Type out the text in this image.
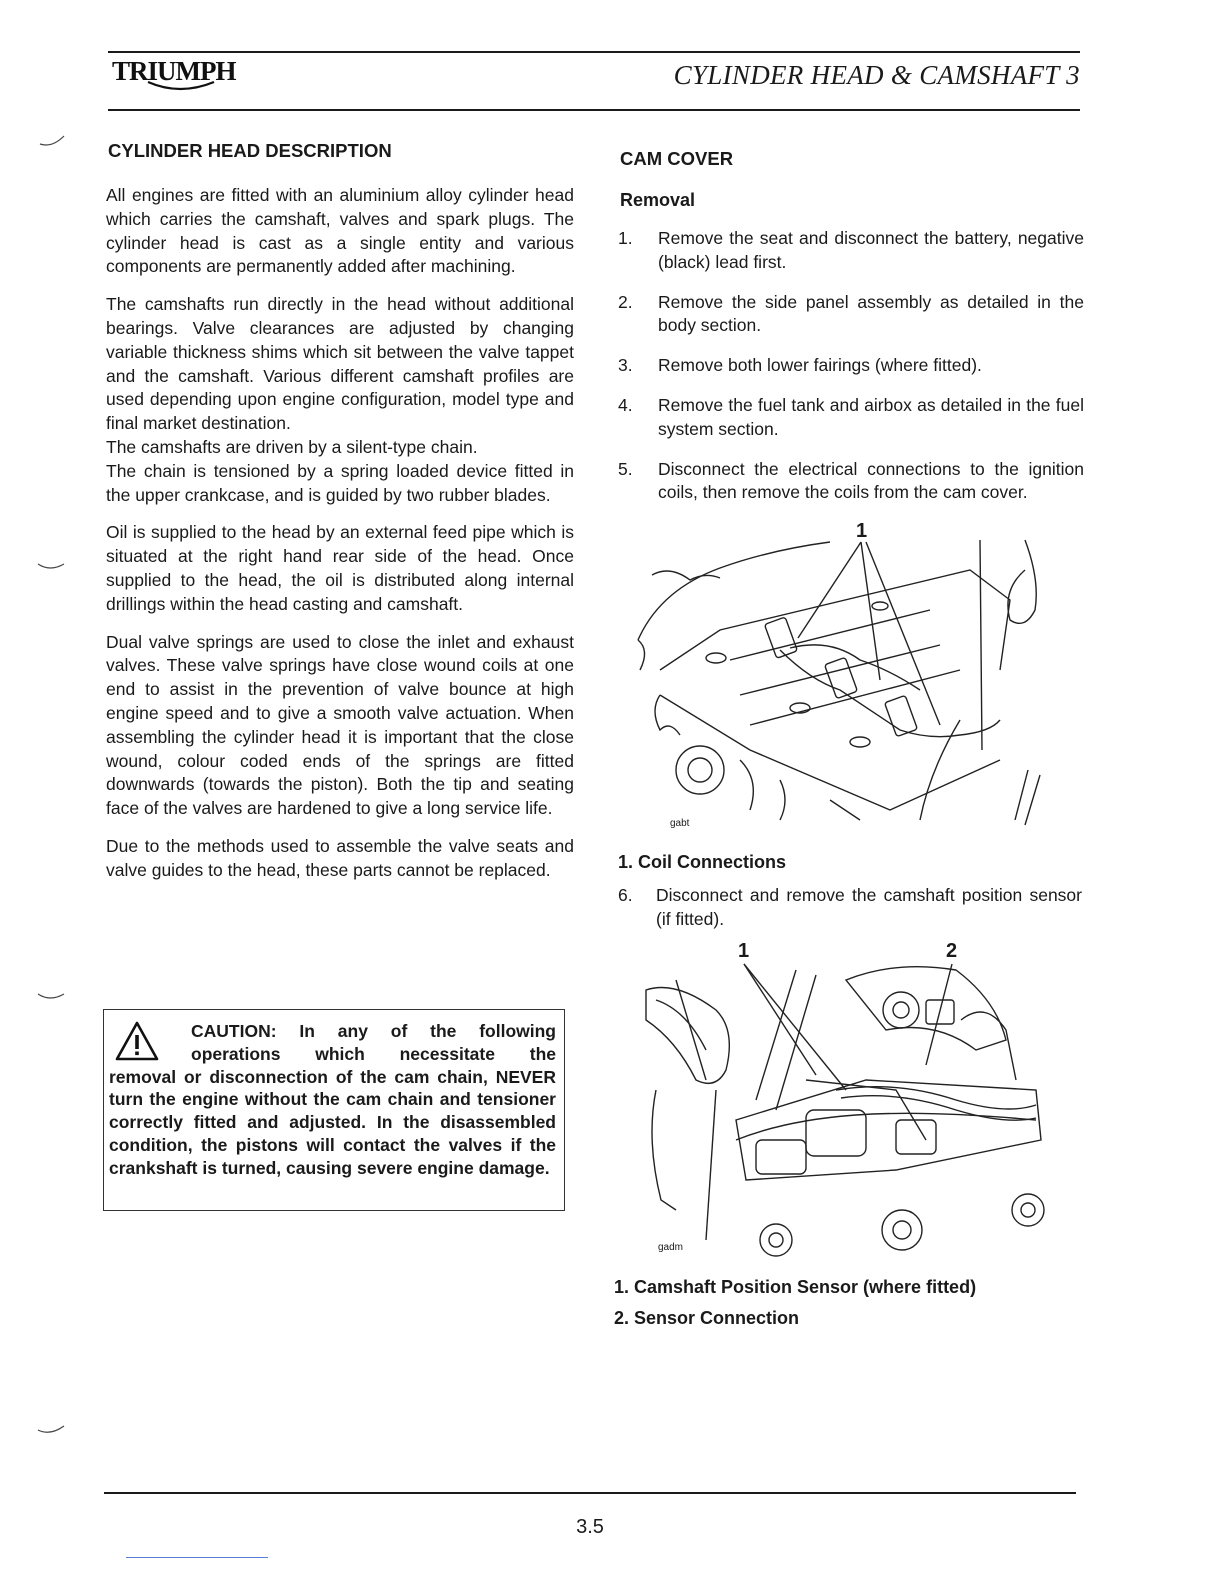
TRIUMPH	CYLINDER HEAD & CAMSHAFT 3
CYLINDER HEAD DESCRIPTION

All engines are fitted with an aluminium alloy cylinder head which carries the camshaft, valves and spark plugs. The cylinder head is cast as a single entity and various components are permanently added after machining.

The camshafts run directly in the head without additional bearings. Valve clearances are adjusted by changing variable thickness shims which sit between the valve tappet and the camshaft. Various different camshaft profiles are used depending upon engine configuration, model type and final market destination.

The camshafts are driven by a silent-type chain.

The chain is tensioned by a spring loaded device fitted in the upper crankcase, and is guided by two rubber blades.

Oil is supplied to the head by an external feed pipe which is situated at the right hand rear side of the head. Once supplied to the head, the oil is distributed along internal drillings within the head casting and camshaft.

Dual valve springs are used to close the inlet and exhaust valves. These valve springs have close wound coils at one end to assist in the prevention of valve bounce at high engine speed and to give a smooth valve actuation. When assembling the cylinder head it is important that the close wound, colour coded ends of the springs are fitted downwards (towards the piston). Both the tip and seating face of the valves are hardened to give a long service life.

Due to the methods used to assemble the valve seats and valve guides to the head, these parts cannot be replaced.

CAUTION: In any of the following
operations which necessitate the
removal or disconnection of the cam chain, NEVER turn the engine without the cam chain and tensioner correctly fitted and adjusted. In the disassembled condition, the pistons will contact the valves if the crankshaft is turned, causing severe engine damage.
CAM COVER
Removal
1.	Remove the seat and disconnect the battery, negative (black) lead first.
2.	Remove the side panel assembly as detailed in the body section.
3.	Remove both lower fairings (where fitted).
4.	Remove the fuel tank and airbox as detailed in the fuel system section.
5.	Disconnect the electrical connections to the ignition coils, then remove the coils from the cam cover.
1
gabt
1. Coil Connections
6.	Disconnect and remove the camshaft position sensor (if fitted).
1	2
gadm
1. Camshaft Position Sensor (where fitted)
2. Sensor Connection
3.5
